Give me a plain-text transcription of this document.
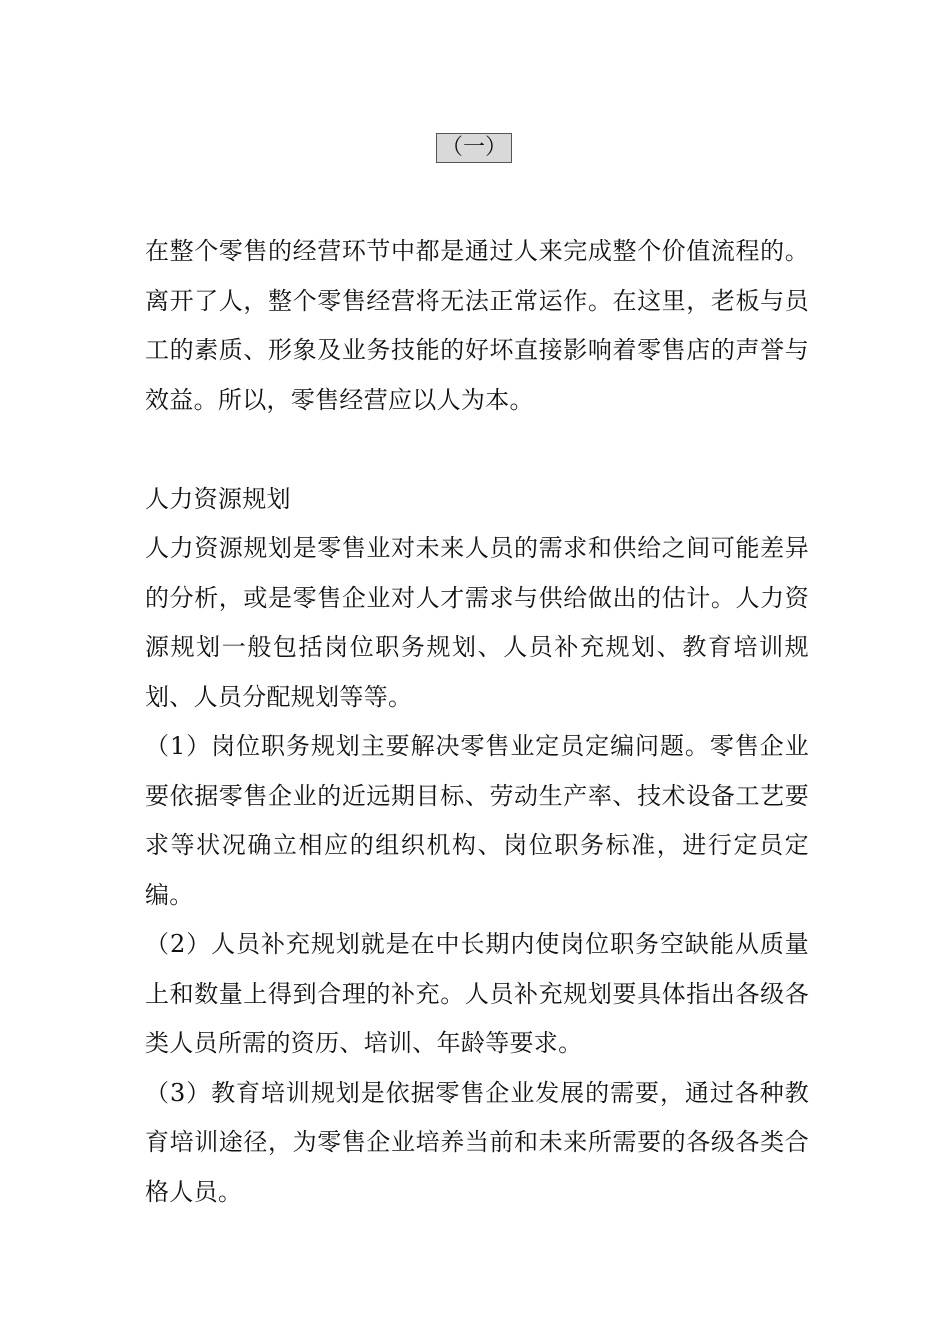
（一）

在整个零售的经营环节中都是通过人来完成整个价值流程的。离开了人，整个零售经营将无法正常运作。在这里，老板与员工的素质、形象及业务技能的好坏直接影响着零售店的声誉与效益。所以，零售经营应以人为本。

人力资源规划

人力资源规划是零售业对未来人员的需求和供给之间可能差异的分析，或是零售企业对人才需求与供给做出的估计。人力资源规划一般包括岗位职务规划、人员补充规划、教育培训规划、人员分配规划等等。

（1）岗位职务规划主要解决零售业定员定编问题。零售企业要依据零售企业的近远期目标、劳动生产率、技术设备工艺要求等状况确立相应的组织机构、岗位职务标准，进行定员定编。

（2）人员补充规划就是在中长期内使岗位职务空缺能从质量上和数量上得到合理的补充。人员补充规划要具体指出各级各类人员所需的资历、培训、年龄等要求。

（3）教育培训规划是依据零售企业发展的需要，通过各种教育培训途径，为零售企业培养当前和未来所需要的各级各类合格人员。
